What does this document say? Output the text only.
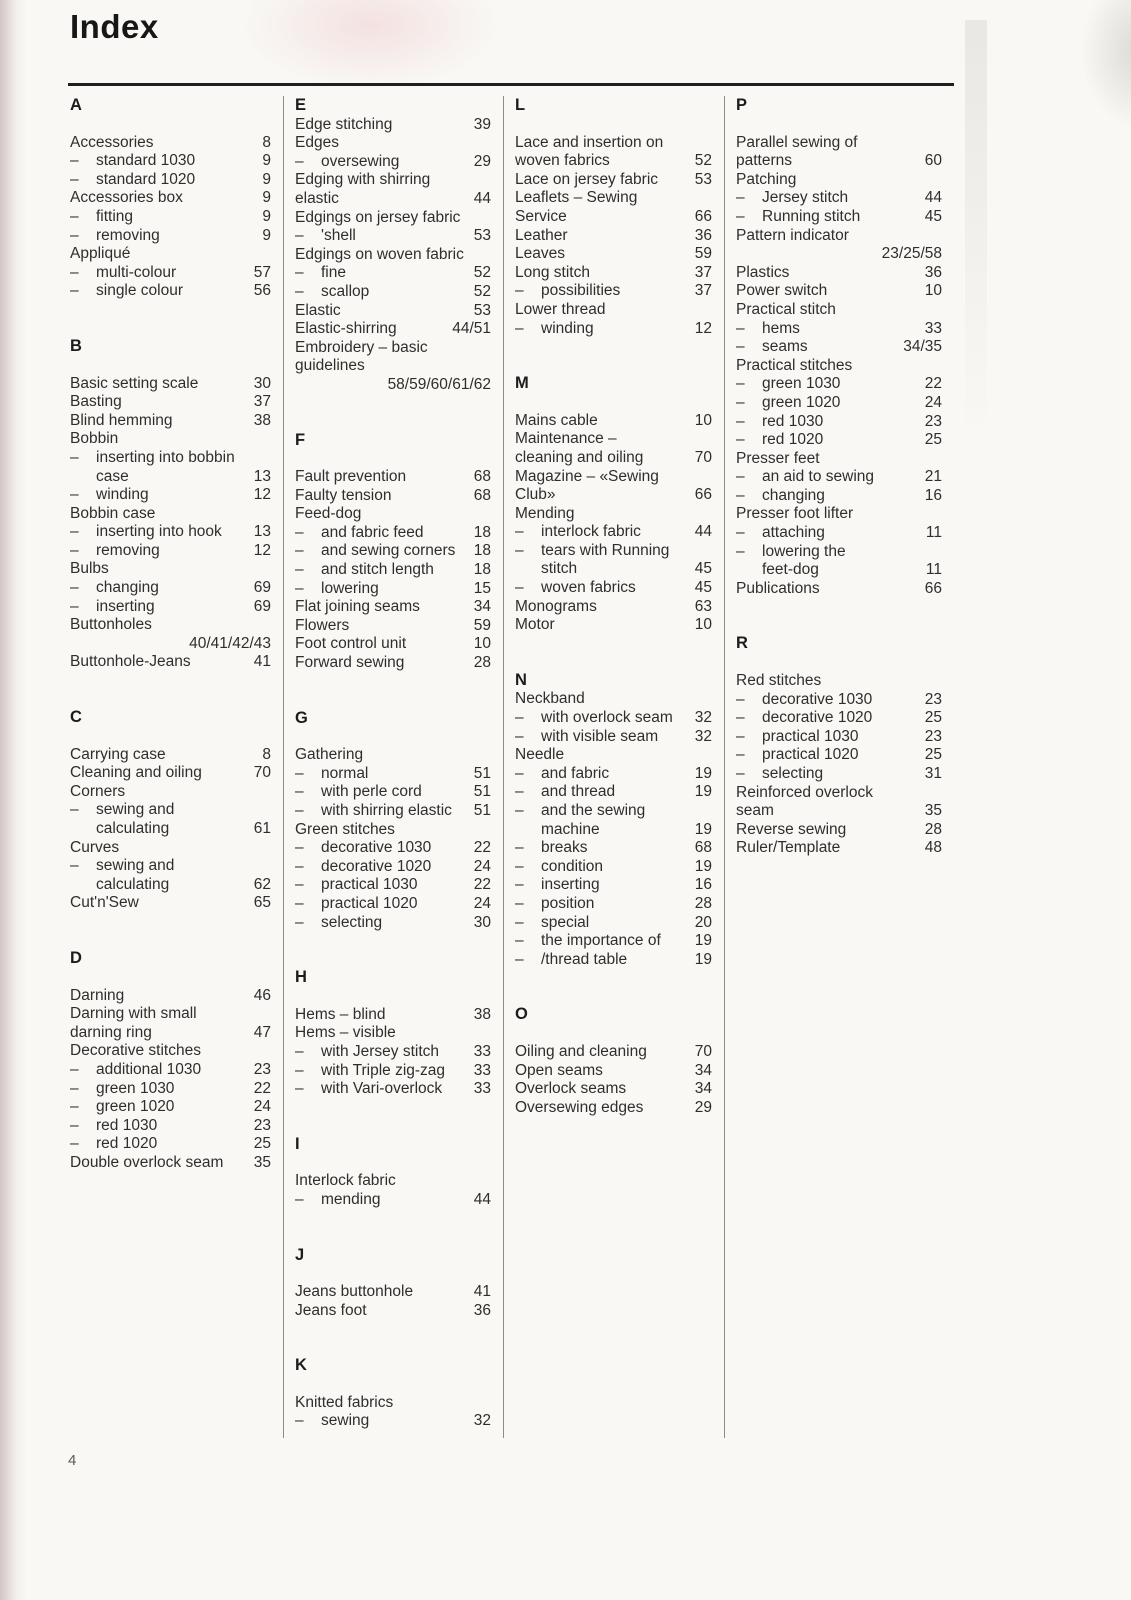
Index
A
Accessories	8
–	standard 1030	9
–	standard 1020	9
Accessories box	9
–	fitting	9
–	removing	9
Appliqué
–	multi-colour	57
–	single colour	56
B
Basic setting scale	30
Basting	37
Blind hemming	38
Bobbin
–	inserting into bobbin
case	13
–	winding	12
Bobbin case
–	inserting into hook	13
–	removing	12
Bulbs
–	changing	69
–	inserting	69
Buttonholes
40/41/42/43
Buttonhole-Jeans	41
C
Carrying case	8
Cleaning and oiling	70
Corners
–	sewing and
calculating	61
Curves
–	sewing and
calculating	62
Cut'n'Sew	65
D
Darning	46
Darning with small
darning ring	47
Decorative stitches
–	additional 1030	23
–	green 1030	22
–	green 1020	24
–	red 1030	23
–	red 1020	25
Double overlock seam	35
E
Edge stitching	39
Edges
–	oversewing	29
Edging with shirring
elastic	44
Edgings on jersey fabric
–	'shell	53
Edgings on woven fabric
–	fine	52
–	scallop	52
Elastic	53
Elastic-shirring	44/51
Embroidery – basic
guidelines
58/59/60/61/62
F
Fault prevention	68
Faulty tension	68
Feed-dog
–	and fabric feed	18
–	and sewing corners	18
–	and stitch length	18
–	lowering	15
Flat joining seams	34
Flowers	59
Foot control unit	10
Forward sewing	28
G
Gathering
–	normal	51
–	with perle cord	51
–	with shirring elastic	51
Green stitches
–	decorative 1030	22
–	decorative 1020	24
–	practical 1030	22
–	practical 1020	24
–	selecting	30
H
Hems – blind	38
Hems – visible
–	with Jersey stitch	33
–	with Triple zig-zag	33
–	with Vari-overlock	33
I
Interlock fabric
–	mending	44
J
Jeans buttonhole	41
Jeans foot	36
K
Knitted fabrics
–	sewing	32
L
Lace and insertion on
woven fabrics	52
Lace on jersey fabric	53
Leaflets – Sewing
Service	66
Leather	36
Leaves	59
Long stitch	37
–	possibilities	37
Lower thread
–	winding	12
M
Mains cable	10
Maintenance –
cleaning and oiling	70
Magazine – «Sewing
Club»	66
Mending
–	interlock fabric	44
–	tears with Running
stitch	45
–	woven fabrics	45
Monograms	63
Motor	10
N
Neckband
–	with overlock seam	32
–	with visible seam	32
Needle
–	and fabric	19
–	and thread	19
–	and the sewing
machine	19
–	breaks	68
–	condition	19
–	inserting	16
–	position	28
–	special	20
–	the importance of	19
–	/thread table	19
O
Oiling and cleaning	70
Open seams	34
Overlock seams	34
Oversewing edges	29
P
Parallel sewing of
patterns	60
Patching
–	Jersey stitch	44
–	Running stitch	45
Pattern indicator
23/25/58
Plastics	36
Power switch	10
Practical stitch
–	hems	33
–	seams	34/35
Practical stitches
–	green 1030	22
–	green 1020	24
–	red 1030	23
–	red 1020	25
Presser feet
–	an aid to sewing	21
–	changing	16
Presser foot lifter
–	attaching	11
–	lowering the
feet-dog	11
Publications	66
R
Red stitches
–	decorative 1030	23
–	decorative 1020	25
–	practical 1030	23
–	practical 1020	25
–	selecting	31
Reinforced overlock
seam	35
Reverse sewing	28
Ruler/Template	48
4
